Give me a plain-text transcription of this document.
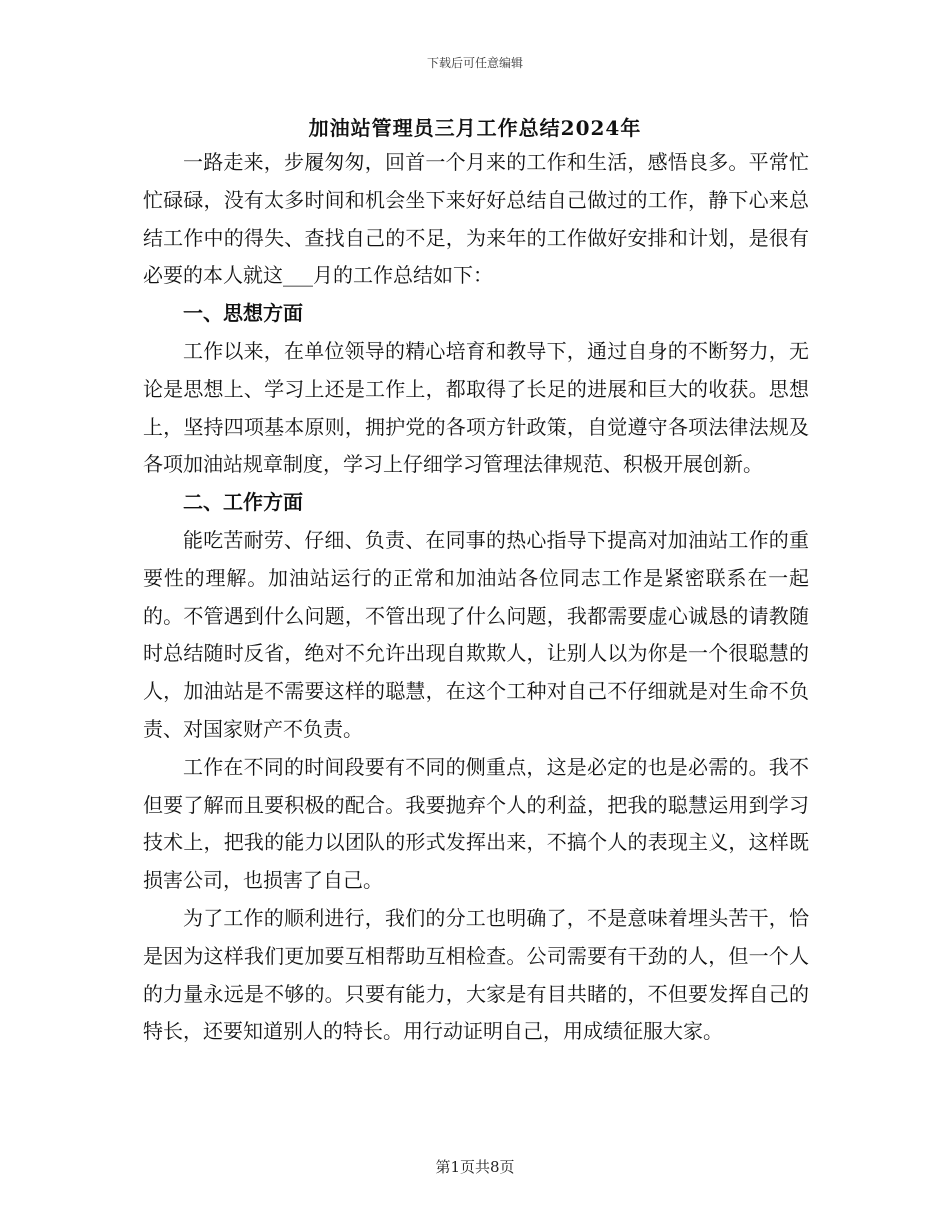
下载后可任意编辑
加油站管理员三月工作总结2024年

一路走来，步履匆匆，回首一个月来的工作和生活，感悟良多。平常忙忙碌碌，没有太多时间和机会坐下来好好总结自己做过的工作，静下心来总结工作中的得失、查找自己的不足，为来年的工作做好安排和计划，是很有必要的本人就这___月的工作总结如下：

一、思想方面

工作以来，在单位领导的精心培育和教导下，通过自身的不断努力，无论是思想上、学习上还是工作上，都取得了长足的进展和巨大的收获。思想上，坚持四项基本原则，拥护党的各项方针政策，自觉遵守各项法律法规及各项加油站规章制度，学习上仔细学习管理法律规范、积极开展创新。

二、工作方面

能吃苦耐劳、仔细、负责、在同事的热心指导下提高对加油站工作的重要性的理解。加油站运行的正常和加油站各位同志工作是紧密联系在一起的。不管遇到什么问题，不管出现了什么问题，我都需要虚心诚恳的请教随时总结随时反省，绝对不允许出现自欺欺人，让别人以为你是一个很聪慧的人，加油站是不需要这样的聪慧，在这个工种对自己不仔细就是对生命不负责、对国家财产不负责。

工作在不同的时间段要有不同的侧重点，这是必定的也是必需的。我不但要了解而且要积极的配合。我要抛弃个人的利益，把我的聪慧运用到学习技术上，把我的能力以团队的形式发挥出来，不搞个人的表现主义，这样既损害公司，也损害了自己。

为了工作的顺利进行，我们的分工也明确了，不是意味着埋头苦干，恰是因为这样我们更加要互相帮助互相检查。公司需要有干劲的人，但一个人的力量永远是不够的。只要有能力，大家是有目共睹的，不但要发挥自己的特长，还要知道别人的特长。用行动证明自己，用成绩征服大家。

第1页共8页
